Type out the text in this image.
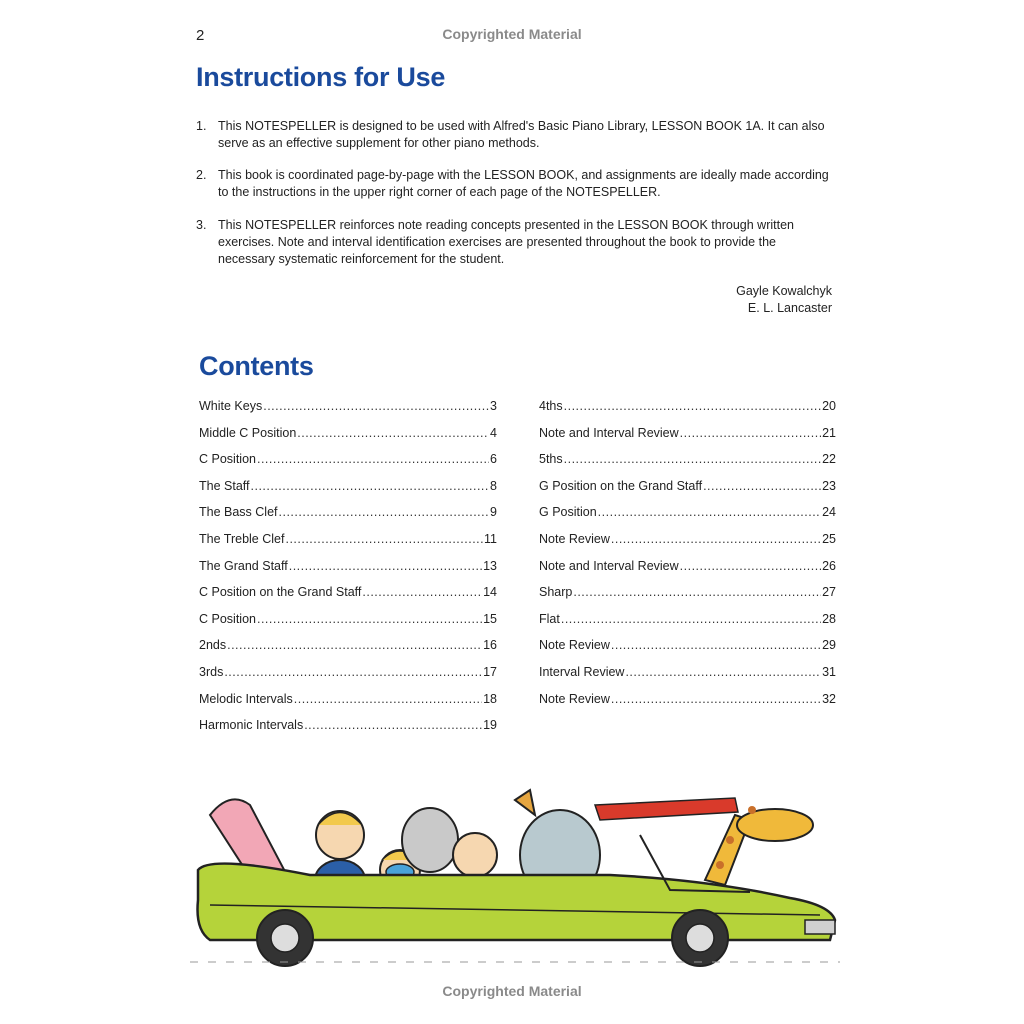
2	Copyrighted Material
Instructions for Use
1. This NOTESPELLER is designed to be used with Alfred's Basic Piano Library, LESSON BOOK 1A. It can also serve as an effective supplement for other piano methods.
2. This book is coordinated page-by-page with the LESSON BOOK, and assignments are ideally made according to the instructions in the upper right corner of each page of the NOTESPELLER.
3. This NOTESPELLER reinforces note reading concepts presented in the LESSON BOOK through written exercises. Note and interval identification exercises are presented throughout the book to provide the necessary systematic reinforcement for the student.
Gayle Kowalchyk
E. L. Lancaster
Contents
White Keys .....	3
Middle C Position .....	4
C Position .....	6
The Staff .....	8
The Bass Clef .....	9
The Treble Clef .....	11
The Grand Staff .....	13
C Position on the Grand Staff .....	14
C Position .....	15
2nds .....	16
3rds .....	17
Melodic Intervals .....	18
Harmonic Intervals .....	19
4ths .....	20
Note and Interval Review .....	21
5ths .....	22
G Position on the Grand Staff .....	23
G Position .....	24
Note Review .....	25
Note and Interval Review .....	26
Sharp .....	27
Flat .....	28
Note Review .....	29
Interval Review .....	31
Note Review .....	32
Copyrighted Material
